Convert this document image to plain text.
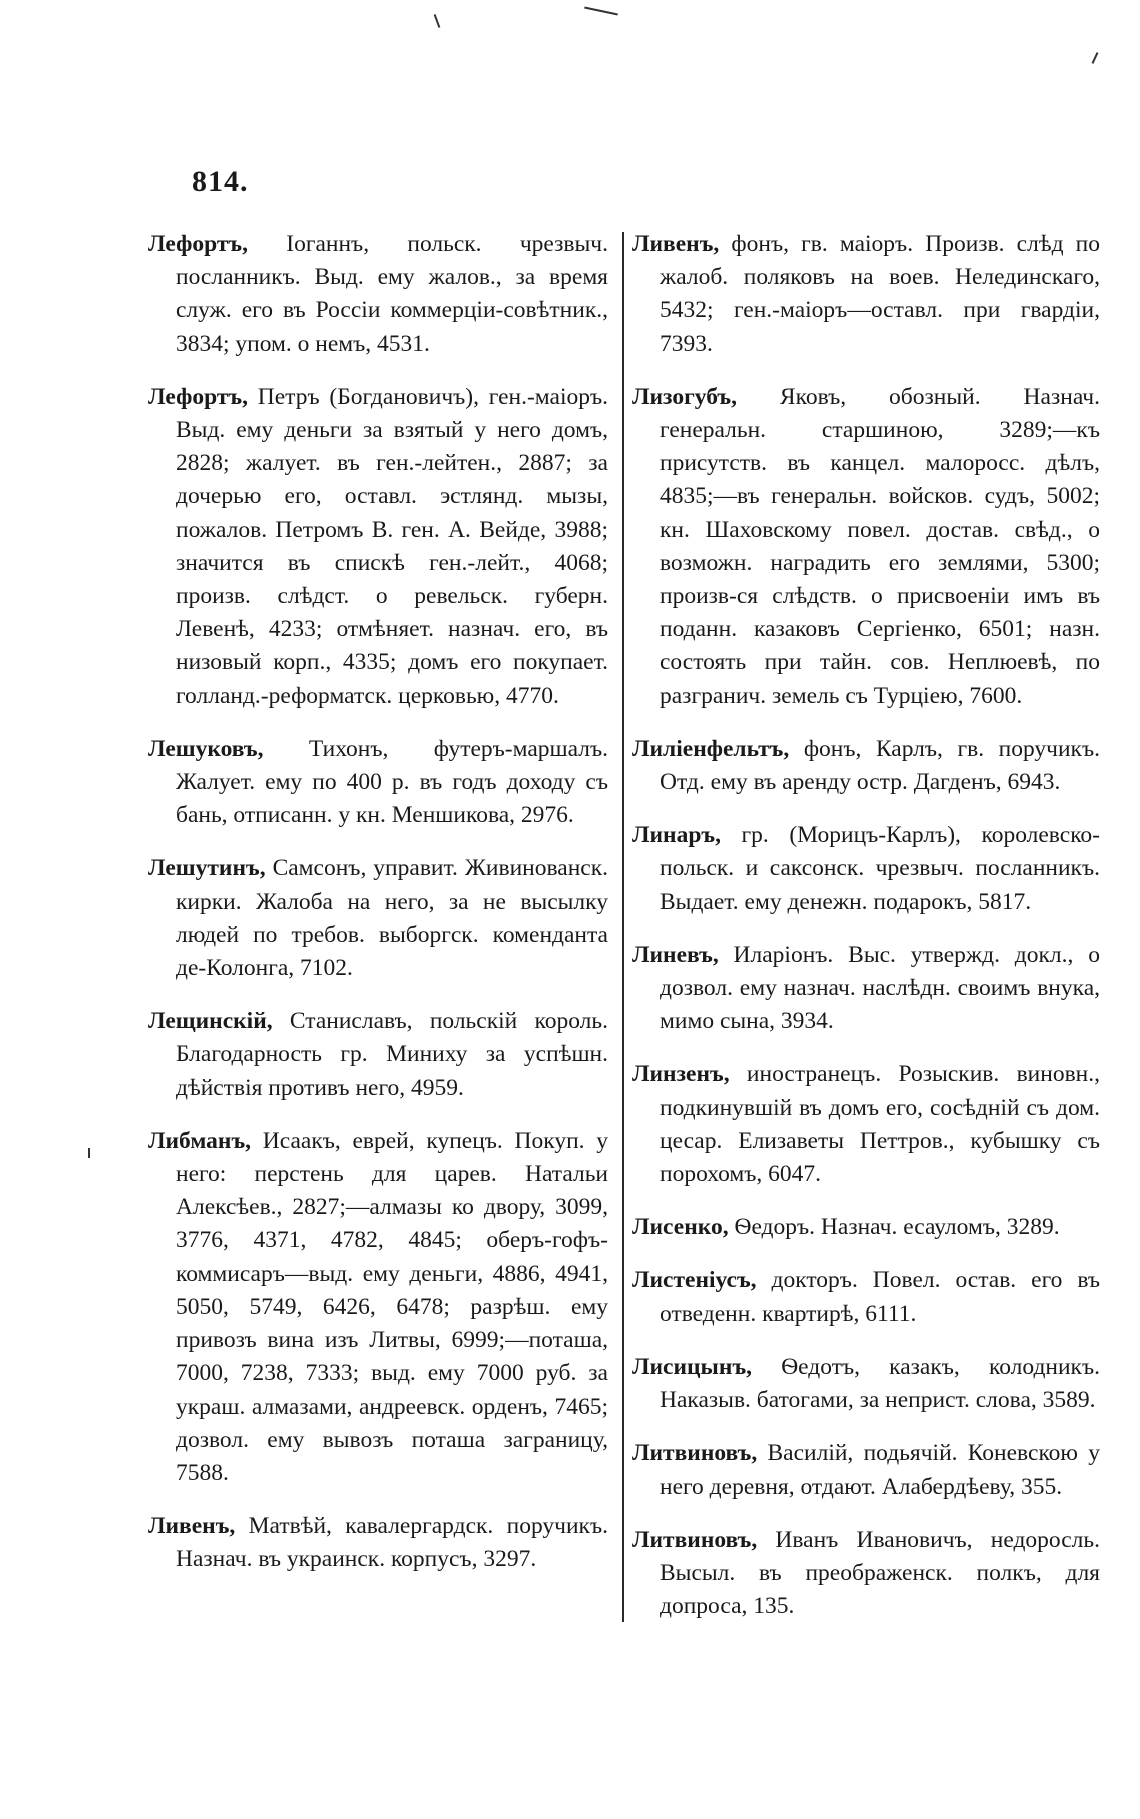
814.

Лефортъ, Іоганнъ, польск. чрезвыч. посланникъ. Выд. ему жалов., за время служ. его въ Россіи коммерціи-совѣтник., 3834; упом. о немъ, 4531.

Лефортъ, Петръ (Богдановичъ), ген.-маіоръ. Выд. ему деньги за взятый у него домъ, 2828; жалует. въ ген.-лейтен., 2887; за дочерью его, оставл. эстлянд. мызы, пожалов. Петромъ В. ген. А. Вейде, 3988; значится въ спискѣ ген.-лейт., 4068; произв. слѣдст. о ревельск. губерн. Левенѣ, 4233; отмѣняет. назнач. его, въ низовый корп., 4335; домъ его покупает. голланд.-реформатск. церковью, 4770.

Лешуковъ, Тихонъ, футеръ-маршалъ. Жалует. ему по 400 р. въ годъ доходу съ бань, отписанн. у кн. Меншикова, 2976.

Лешутинъ, Самсонъ, управит. Живинованск. кирки. Жалоба на него, за не высылку людей по требов. выборгск. коменданта де-Колонга, 7102.

Лещинскій, Станиславъ, польскій король. Благодарность гр. Миниху за успѣшн. дѣйствія противъ него, 4959.

Либманъ, Исаакъ, еврей, купецъ. Покуп. у него: перстень для царев. Натальи Алексѣев., 2827;—алмазы ко двору, 3099, 3776, 4371, 4782, 4845; оберъ-гофъ-коммисаръ—выд. ему деньги, 4886, 4941, 5050, 5749, 6426, 6478; разрѣш. ему привозъ вина изъ Литвы, 6999;—поташа, 7000, 7238, 7333; выд. ему 7000 руб. за украш. алмазами, андреевск. орденъ, 7465; дозвол. ему вывозъ поташа заграницу, 7588.

Ливенъ, Матвѣй, кавалергардск. поручикъ. Назнач. въ украинск. корпусъ, 3297.

Ливенъ, фонъ, гв. маіоръ. Произв. слѣд по жалоб. поляковъ на воев. Нелединскаго, 5432; ген.-маіоръ—оставл. при гвардіи, 7393.

Лизогубъ, Яковъ, обозный. Назнач. генеральн. старшиною, 3289;—къ присутств. въ канцел. малоросс. дѣлъ, 4835;—въ генеральн. войсков. судъ, 5002; кн. Шаховскому повел. достав. свѣд., о возможн. наградить его землями, 5300; произв-ся слѣдств. о присвоеніи имъ въ поданн. казаковъ Сергіенко, 6501; назн. состоять при тайн. сов. Неплюевѣ, по разгранич. земель съ Турціею, 7600.

Лиліенфельтъ, фонъ, Карлъ, гв. поручикъ. Отд. ему въ аренду остр. Дагденъ, 6943.

Линаръ, гр. (Морицъ-Карлъ), королевско-польск. и саксонск. чрезвыч. посланникъ. Выдает. ему денежн. подарокъ, 5817.

Линевъ, Иларіонъ. Выс. утвержд. докл., о дозвол. ему назнач. наслѣдн. своимъ внука, мимо сына, 3934.

Линзенъ, иностранецъ. Розыскив. виновн., подкинувшій въ домъ его, сосѣдній съ дом. цесар. Елизаветы Петтров., кубышку съ порохомъ, 6047.

Лисенко, Ѳедоръ. Назнач. есауломъ, 3289.

Листеніусъ, докторъ. Повел. остав. его въ отведенн. квартирѣ, 6111.

Лисицынъ, Ѳедотъ, казакъ, колодникъ. Наказыв. батогами, за неприст. слова, 3589.

Литвиновъ, Василій, подьячій. Коневскою у него деревня, отдают. Алабердѣеву, 355.

Литвиновъ, Иванъ Ивановичъ, недоросль. Высыл. въ преображенск. полкъ, для допроса, 135.
